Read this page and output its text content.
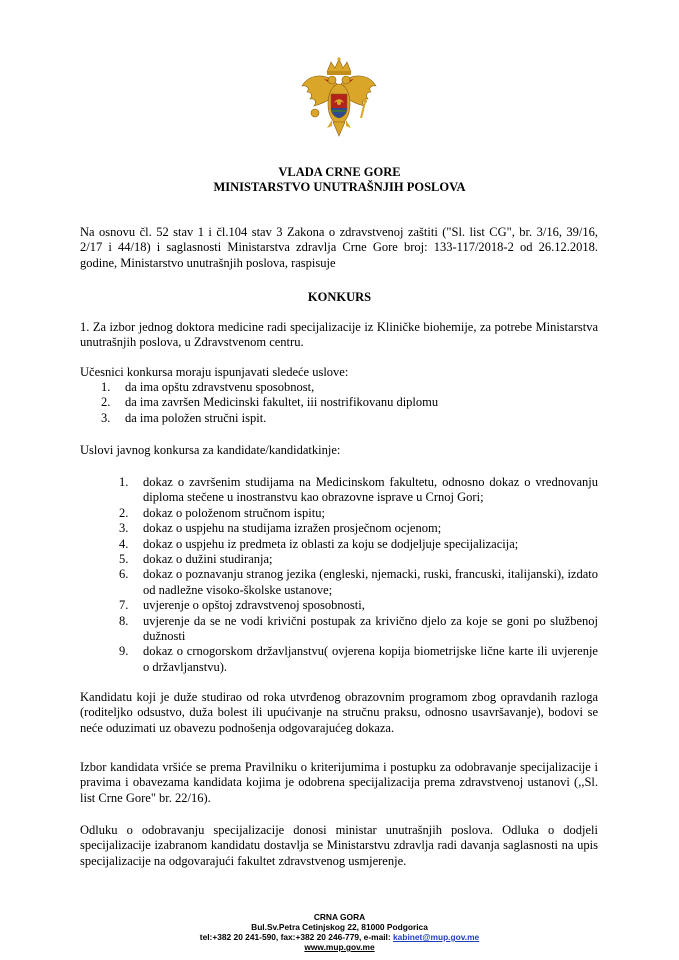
VLADA CRNE GORE
MINISTARSTVO UNUTRAŠNJIH POSLOVA

Na osnovu čl. 52 stav 1 i čl.104 stav 3 Zakona o zdravstvenoj zaštiti ("Sl. list CG", br. 3/16, 39/16, 2/17 i 44/18) i saglasnosti Ministarstva zdravlja Crne Gore broj: 133-117/2018-2 od 26.12.2018. godine, Ministarstvo unutrašnjih poslova, raspisuje

KONKURS

1. Za izbor jednog doktora medicine radi specijalizacije iz Kliničke biohemije, za potrebe Ministarstva unutrašnjih poslova, u Zdravstvenom centru.

Učesnici konkursa moraju ispunjavati sledeće uslove:

1. da ima opštu zdravstvenu sposobnost,
2. da ima završen Medicinski fakultet, iii nostrifikovanu diplomu
3. da ima položen stručni ispit.

Uslovi javnog konkursa za kandidate/kandidatkinje:

1. dokaz o završenim studijama na Medicinskom fakultetu, odnosno dokaz o vrednovanju diploma stečene u inostranstvu kao obrazovne isprave u Crnoj Gori;
2. dokaz o položenom stručnom ispitu;
3. dokaz o uspjehu na studijama izražen prosječnom ocjenom;
4. dokaz o uspjehu iz predmeta iz oblasti za koju se dodjeljuje specijalizacija;
5. dokaz o dužini studiranja;
6. dokaz o poznavanju stranog jezika (engleski, njemacki, ruski, francuski, italijanski), izdato od nadležne visoko-školske ustanove;
7. uvjerenje o opštoj zdravstvenoj sposobnosti,
8. uvjerenje da se ne vodi krivični postupak za krivično djelo za koje se goni po službenoj dužnosti
9. dokaz o crnogorskom državljanstvu( ovjerena kopija biometrijske lične karte ili uvjerenje o državljanstvu).

Kandidatu koji je duže studirao od roka utvrđenog obrazovnim programom zbog opravdanih razloga (roditeljko odsustvo, duža bolest ili upućivanje na stručnu praksu, odnosno usavršavanje), bodovi se neće oduzimati uz obavezu podnošenja odgovarajućeg dokaza.

Izbor kandidata vršiće se prema Pravilniku o kriterijumima i postupku za odobravanje specijalizacije i pravima i obavezama kandidata kojima je odobrena specijalizacija prema zdravstvenoj ustanovi (,,Sl. list Crne Gore" br. 22/16).

Odluku o odobravanju specijalizacije donosi ministar unutrašnjih poslova. Odluka o dodjeli specijalizacije izabranom kandidatu dostavlja se Ministarstvu zdravlja radi davanja saglasnosti na upis specijalizacije na odgovarajući fakultet zdravstvenog usmjerenje.

CRNA GORA
Bul.Sv.Petra Cetinjskog 22, 81000 Podgorica
tel:+382 20 241-590, fax:+382 20 246-779, e-mail: kabinet@mup.gov.me
www.mup.gov.me
